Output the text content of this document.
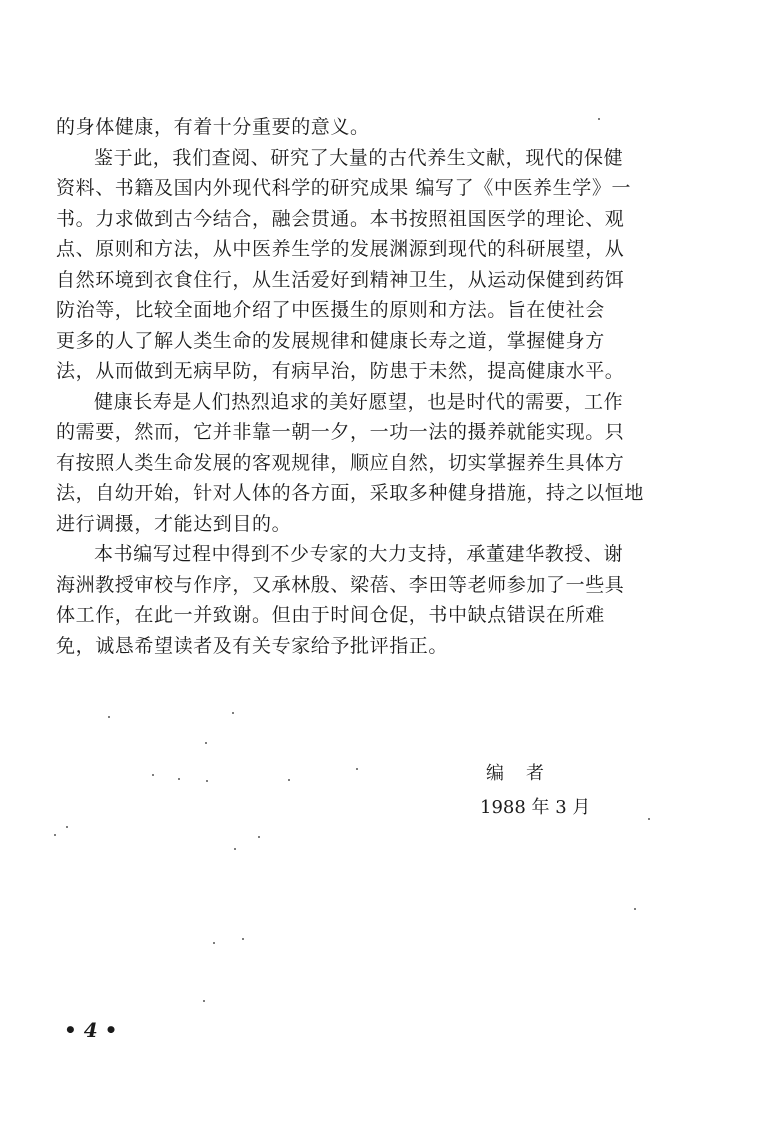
的身体健康，有着十分重要的意义。
鉴于此，我们查阅、研究了大量的古代养生文献，现代的保健
资料、书籍及国内外现代科学的研究成果 编写了《中医养生学》一
书。力求做到古今结合，融会贯通。本书按照祖国医学的理论、观
点、原则和方法，从中医养生学的发展渊源到现代的科研展望，从
自然环境到衣食住行，从生活爱好到精神卫生，从运动保健到药饵
防治等，比较全面地介绍了中医摄生的原则和方法。旨在使社会
更多的人了解人类生命的发展规律和健康长寿之道，掌握健身方
法，从而做到无病早防，有病早治，防患于未然，提高健康水平。
健康长寿是人们热烈追求的美好愿望，也是时代的需要，工作
的需要，然而，它并非靠一朝一夕，一功一法的摄养就能实现。只
有按照人类生命发展的客观规律，顺应自然，切实掌握养生具体方
法，自幼开始，针对人体的各方面，采取多种健身措施，持之以恒地
进行调摄，才能达到目的。
本书编写过程中得到不少专家的大力支持，承董建华教授、谢
海洲教授审校与作序，又承林殷、梁蓓、李田等老师参加了一些具
体工作，在此一并致谢。但由于时间仓促，书中缺点错误在所难
免，诚恳希望读者及有关专家给予批评指正。
编者
1988 年 3 月
• 4 •
